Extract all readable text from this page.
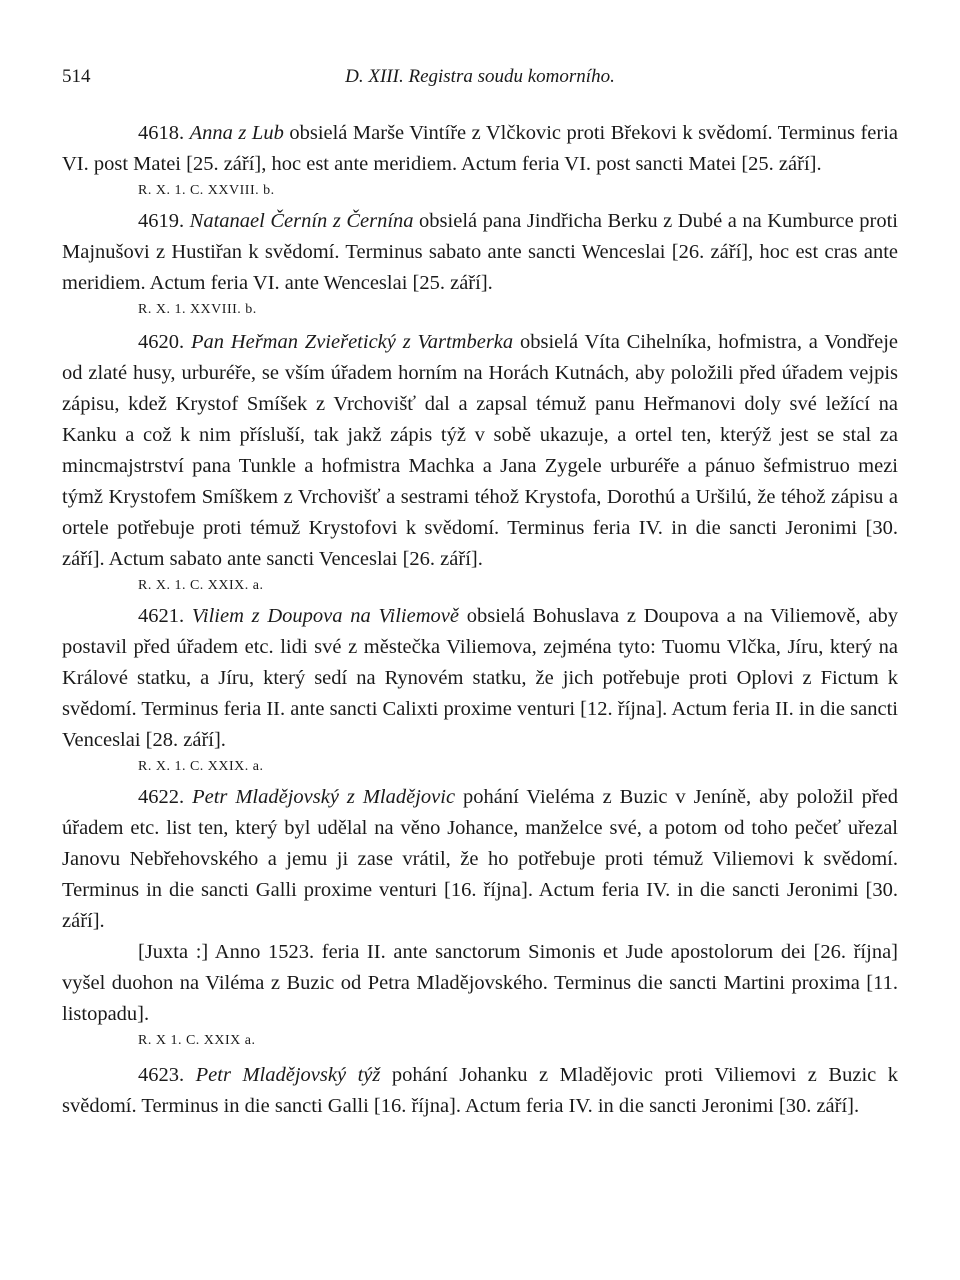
514	D. XIII. Registra soudu komorního.

4618. Anna z Lub obsielá Marše Vintíře z Vlčkovic proti Břekovi k svědomí. Terminus feria VI. post Matei [25. září], hoc est ante meridiem. Actum feria VI. post sancti Matei [25. září].

R. X. 1. C. XXVIII. b.

4619. Natanael Černín z Černína obsielá pana Jindřicha Berku z Dubé a na Kumburce proti Majnušovi z Hustiřan k svědomí. Terminus sabato ante sancti Wenceslai [26. září], hoc est cras ante meridiem. Actum feria VI. ante Wenceslai [25. září].

R. X. 1. XXVIII. b.

4620. Pan Heřman Zvieřetický z Vartmberka obsielá Víta Cihelníka, hofmistra, a Vondřeje od zlaté husy, urburéře, se vším úřadem horním na Horách Kutnách, aby položili před úřadem vejpis zápisu, kdež Krystof Smíšek z Vrchovišť dal a zapsal témuž panu Heřmanovi doly své ležící na Kanku a což k nim přísluší, tak jakž zápis týž v sobě ukazuje, a ortel ten, kterýž jest se stal za mincmajstrství pana Tunkle a hofmistra Machka a Jana Zygele urburéře a pánuo šefmistruo mezi týmž Krystofem Smíškem z Vrchovišť a sestrami téhož Krystofa, Dorothú a Uršilú, že téhož zápisu a ortele potřebuje proti témuž Krystofovi k svědomí. Terminus feria IV. in die sancti Jeronimi [30. září]. Actum sabato ante sancti Venceslai [26. září].

R. X. 1. C. XXIX. a.

4621. Viliem z Doupova na Viliemově obsielá Bohuslava z Doupova a na Viliemově, aby postavil před úřadem etc. lidi své z městečka Viliemova, zejména tyto: Tuomu Vlčka, Jíru, který na Králové statku, a Jíru, který sedí na Rynovém statku, že jich potřebuje proti Oplovi z Fictum k svědomí. Terminus feria II. ante sancti Calixti proxime venturi [12. října]. Actum feria II. in die sancti Venceslai [28. září].

R. X. 1. C. XXIX. a.

4622. Petr Mladějovský z Mladějovic pohání Vieléma z Buzic v Jeníně, aby položil před úřadem etc. list ten, který byl udělal na věno Johance, manželce své, a potom od toho pečeť uřezal Janovu Nebřehovského a jemu ji zase vrátil, že ho potřebuje proti témuž Viliemovi k svědomí. Terminus in die sancti Galli proxime venturi [16. října]. Actum feria IV. in die sancti Jeronimi [30. září].

[Juxta :] Anno 1523. feria II. ante sanctorum Simonis et Jude apostolorum dei [26. října] vyšel duohon na Viléma z Buzic od Petra Mladějovského. Terminus die sancti Martini proxima [11. listopadu].

R. X 1. C. XXIX a.

4623. Petr Mladějovský týž pohání Johanku z Mladějovic proti Viliemovi z Buzic k svědomí. Terminus in die sancti Galli [16. října]. Actum feria IV. in die sancti Jeronimi [30. září].
